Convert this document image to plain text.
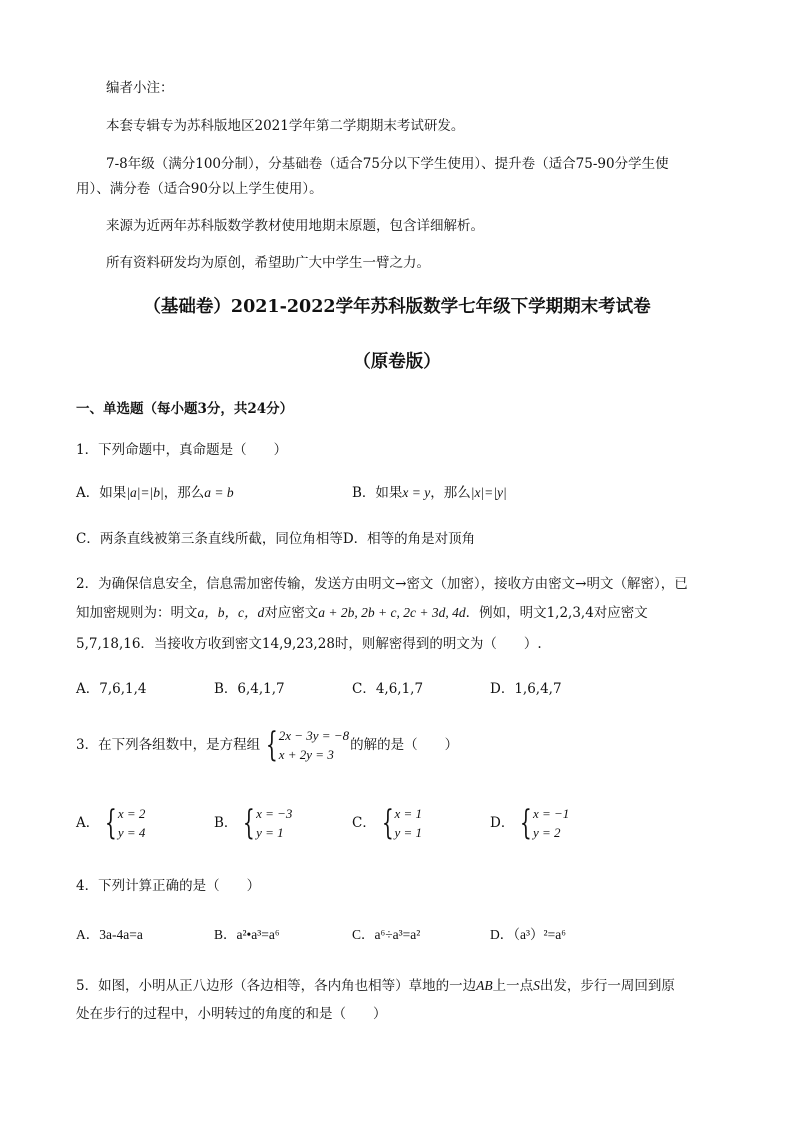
编者小注：
本套专辑专为苏科版地区2021学年第二学期期末考试研发。
7-8年级（满分100分制），分基础卷（适合75分以下学生使用）、提升卷（适合75-90分学生使
用）、满分卷（适合90分以上学生使用）。
来源为近两年苏科版数学教材使用地期末原题，包含详细解析。
所有资料研发均为原创，希望助广大中学生一臂之力。
（基础卷）2021-2022学年苏科版数学七年级下学期期末考试卷
（原卷版）
一、单选题（每小题3分，共24分）
1．下列命题中，真命题是（　　）
A．如果|a|=|b|，那么a = b	B．如果x = y，那么|x|=|y|
C．两条直线被第三条直线所截，同位角相等D．相等的角是对顶角
2．为确保信息安全，信息需加密传输，发送方由明文→密文（加密），接收方由密文→明文（解密），已
知加密规则为：明文a，b，c，d对应密文a + 2b, 2b + c, 2c + 3d, 4d．例如，明文1,2,3,4对应密文
5,7,18,16．当接收方收到密文14,9,23,28时，则解密得到的明文为（　　）.
A．7,6,1,4	B．6,4,1,7	C．4,6,1,7	D．1,6,4,7
3．在下列各组数中，是方程组 { 2x − 3y = −8
x + 2y = 3
的解的是（　　）
A． { x = 2
y = 4
B． { x = −3
y = 1
C． { x = 1
y = 1
D． { x = −1
y = 2
4．下列计算正确的是（　　）
A．3a-4a=a	B．a²•a³=a⁶	C．a⁶÷a³=a²	D．（a³）²=a⁶
5．如图，小明从正八边形（各边相等，各内角也相等）草地的一边AB上一点S出发，步行一周回到原
处在步行的过程中，小明转过的角度的和是（　　）
